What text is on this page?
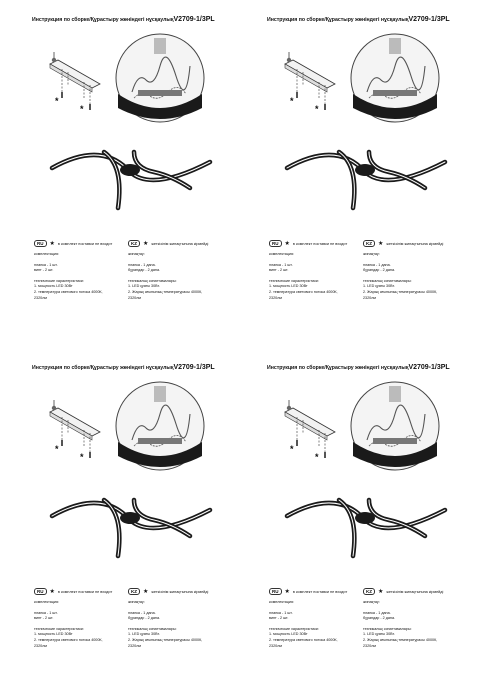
Инструкция по сборке/Құрастыру жөніндегі нұсқаулықV2709-1/3PL
*
*
RU	★ в комплект поставки не входит	KZ	★ жеткізілім жинақтығына кірмейді
комплектация:
планка - 1 шт.
винт - 2 шт.
технические характеристики:
1. мощность LED 30Вт
2. температура светового потока 4000К,
2320лм
жинақтау:
планка - 1 дана.
бұрандар - 2 дана.
техникалық сипаттамалары:
1. LED қуаты 30Вт.
2. Жарық ағынының температурасы 4000К,
2320лм
Инструкция по сборке/Құрастыру жөніндегі нұсқаулықV2709-1/3PL
*
*
RU	★ в комплект поставки не входит	KZ	★ жеткізілім жинақтығына кірмейді
комплектация:
планка - 1 шт.
винт - 2 шт.
технические характеристики:
1. мощность LED 30Вт
2. температура светового потока 4000К,
2320лм
жинақтау:
планка - 1 дана.
бұрандар - 2 дана.
техникалық сипаттамалары:
1. LED қуаты 30Вт.
2. Жарық ағынының температурасы 4000К,
2320лм
Инструкция по сборке/Құрастыру жөніндегі нұсқаулықV2709-1/3PL
*
*
RU	★ в комплект поставки не входит	KZ	★ жеткізілім жинақтығына кірмейді
комплектация:
планка - 1 шт.
винт - 2 шт.
технические характеристики:
1. мощность LED 30Вт
2. температура светового потока 4000К,
2320лм
жинақтау:
планка - 1 дана.
бұрандар - 2 дана.
техникалық сипаттамалары:
1. LED қуаты 30Вт.
2. Жарық ағынының температурасы 4000К,
2320лм
Инструкция по сборке/Құрастыру жөніндегі нұсқаулықV2709-1/3PL
*
*
RU	★ в комплект поставки не входит	KZ	★ жеткізілім жинақтығына кірмейді
комплектация:
планка - 1 шт.
винт - 2 шт.
технические характеристики:
1. мощность LED 30Вт
2. температура светового потока 4000К,
2320лм
жинақтау:
планка - 1 дана.
бұрандар - 2 дана.
техникалық сипаттамалары:
1. LED қуаты 30Вт.
2. Жарық ағынының температурасы 4000К,
2320лм
